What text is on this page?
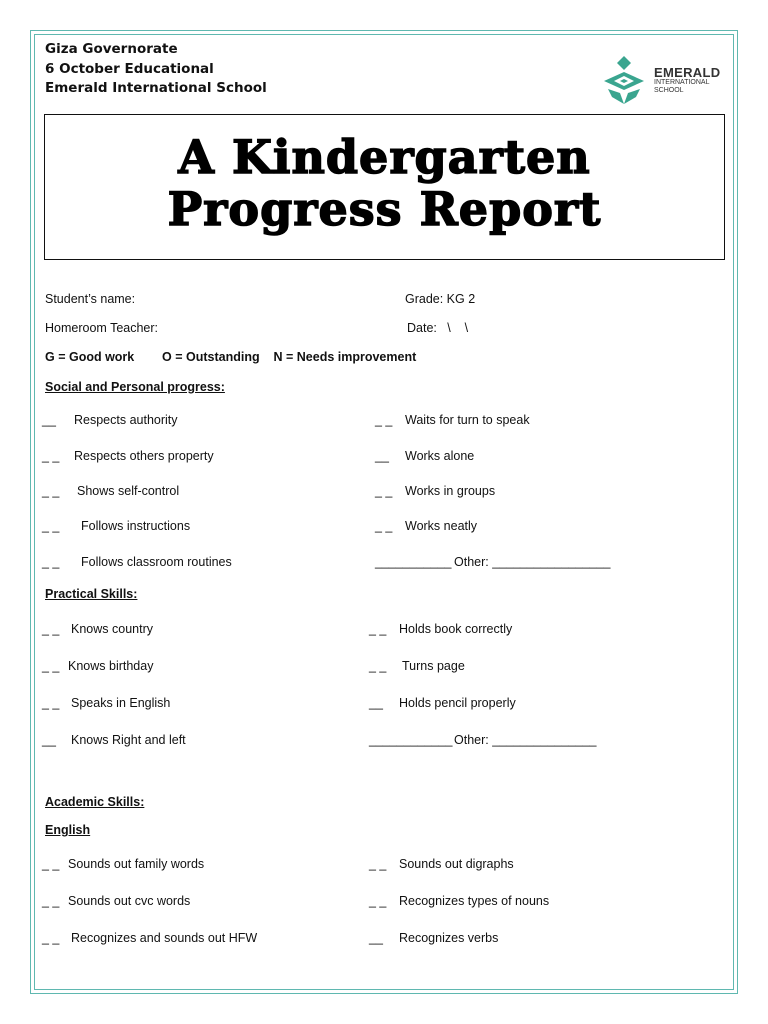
Giza Governorate
6 October Educational
Emerald International School
EMERALD
INTERNATIONAL
SCHOOL
A Kindergarten
Progress Report
Student’s name:	Grade: KG 2
Homeroom Teacher:	Date:   \    \
G = Good work        O = Outstanding    N = Needs improvement
Social and Personal progress:
__ Respects authority
_ _ Respects others property
_ _ Shows self-control
_ _ Follows instructions
_ _ Follows classroom routines
_ _ Waits for turn to speak
__ Works alone
_ _ Works in groups
_ _ Works neatly
___________ Other: _________________
Practical Skills:
_ _ Knows country
_ _ Knows birthday
_ _ Speaks in English
__ Knows Right and left
_ _ Holds book correctly
_ _ Turns page
__ Holds pencil properly
____________ Other: _______________
Academic Skills:
English
_ _ Sounds out family words
_ _ Sounds out cvc words
_ _ Recognizes and sounds out HFW
_ _ Sounds out digraphs
_ _ Recognizes types of nouns
__ Recognizes verbs
